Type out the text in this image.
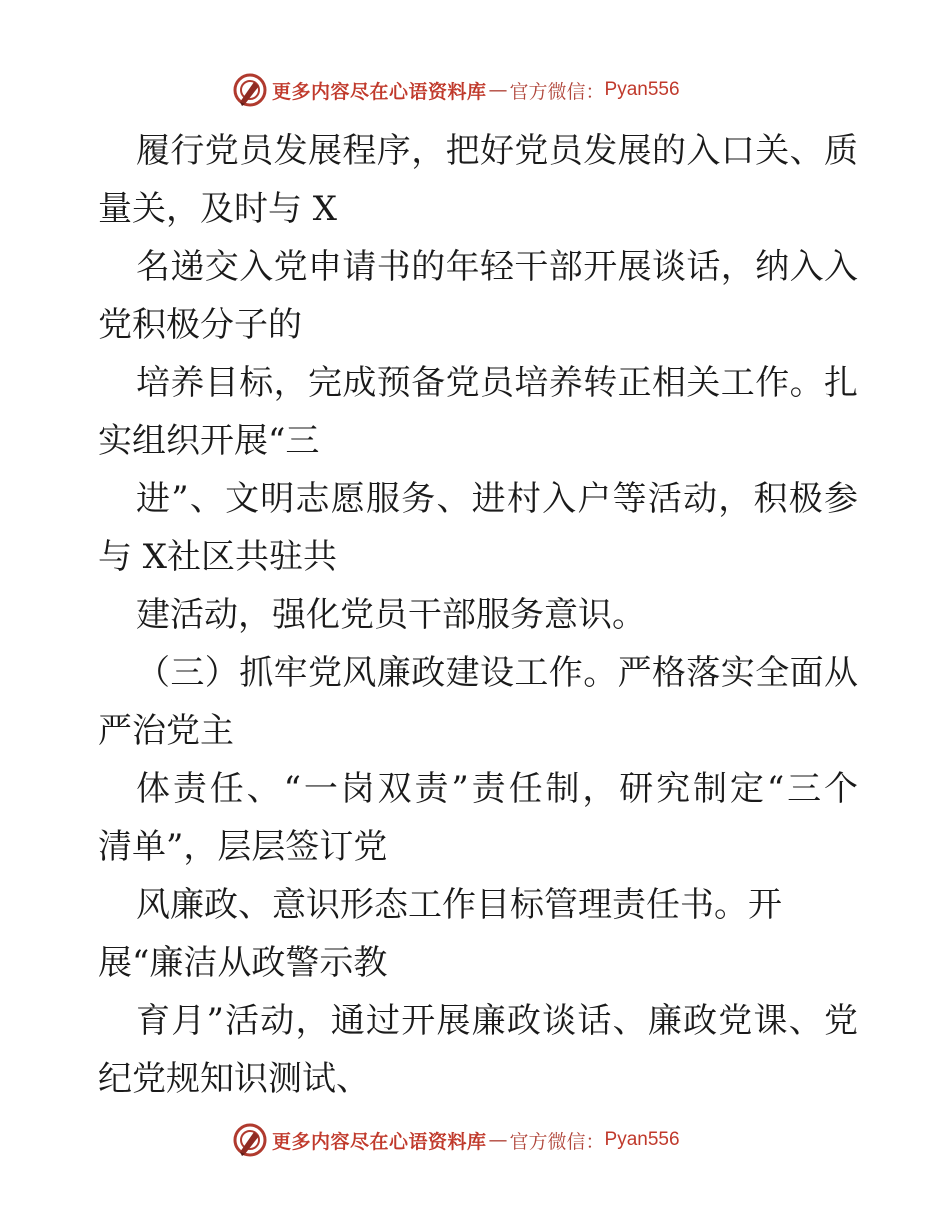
更多内容尽在心语资料库 — 官方微信： Pyan556
履行党员发展程序，把好党员发展的入口关、质
量关，及时与 X
名递交入党申请书的年轻干部开展谈话，纳入入
党积极分子的
培养目标，完成预备党员培养转正相关工作。扎
实组织开展“三
进”、文明志愿服务、进村入户等活动，积极参
与 X社区共驻共
建活动，强化党员干部服务意识。
（三）抓牢党风廉政建设工作。严格落实全面从
严治党主
体责任、“一岗双责”责任制，研究制定“三个
清单”，层层签订党
风廉政、意识形态工作目标管理责任书。开
展“廉洁从政警示教
育月”活动，通过开展廉政谈话、廉政党课、党
纪党规知识测试、
更多内容尽在心语资料库 — 官方微信： Pyan556
